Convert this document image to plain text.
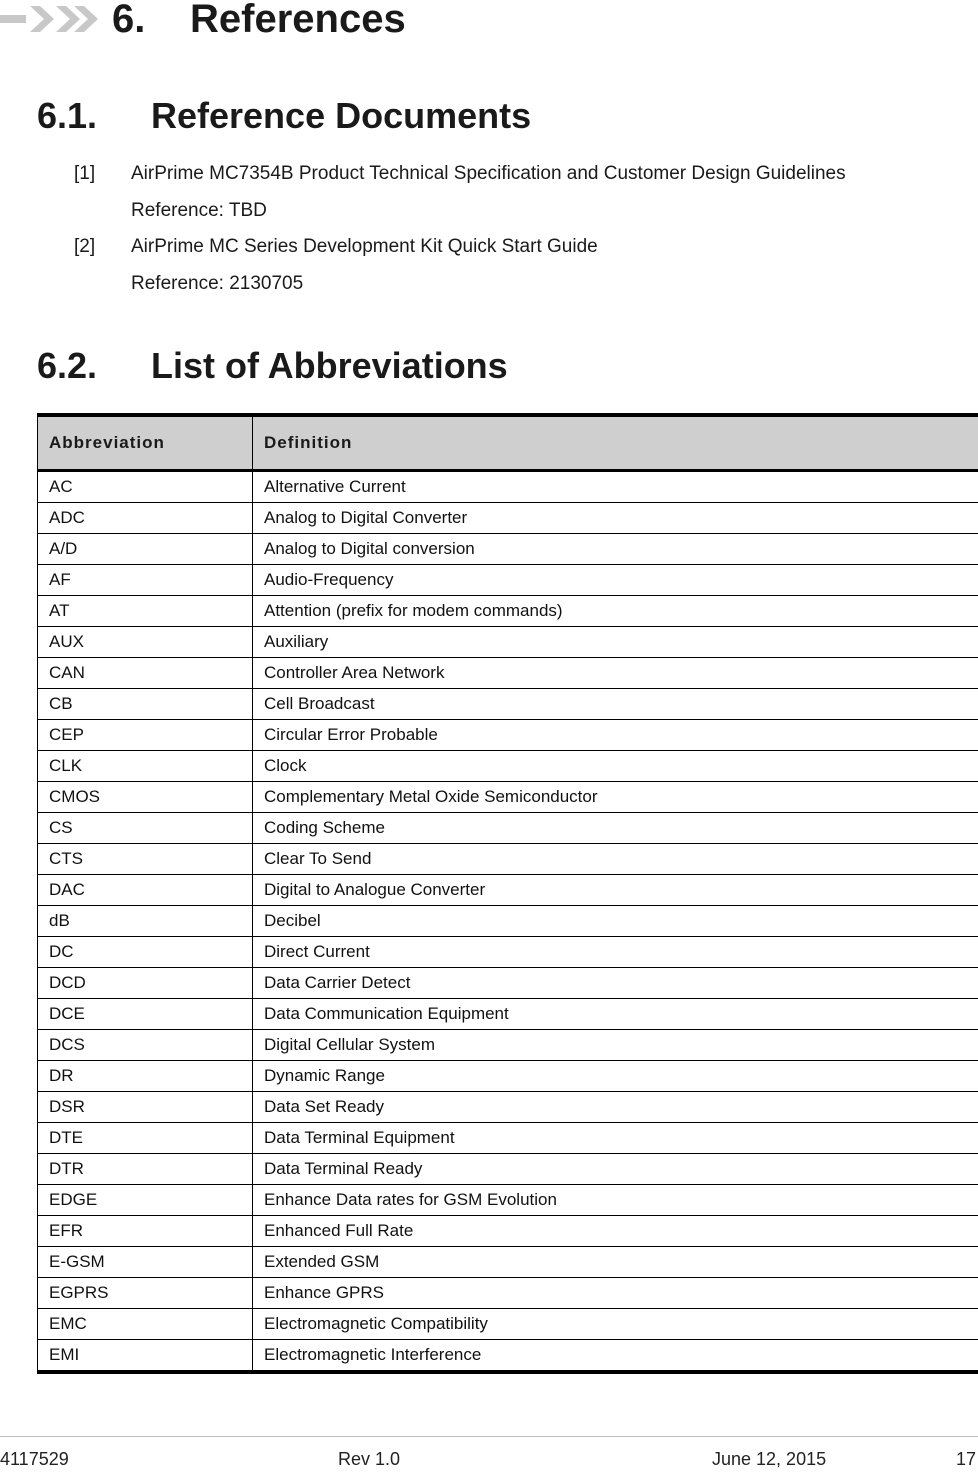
6. References
6.1. Reference Documents
[1] AirPrime MC7354B Product Technical Specification and Customer Design Guidelines
Reference: TBD
[2] AirPrime MC Series Development Kit Quick Start Guide
Reference: 2130705
6.2. List of Abbreviations
Abbreviation	Definition
AC	Alternative Current
ADC	Analog to Digital Converter
A/D	Analog to Digital conversion
AF	Audio-Frequency
AT	Attention (prefix for modem commands)
AUX	Auxiliary
CAN	Controller Area Network
CB	Cell Broadcast
CEP	Circular Error Probable
CLK	Clock
CMOS	Complementary Metal Oxide Semiconductor
CS	Coding Scheme
CTS	Clear To Send
DAC	Digital to Analogue Converter
dB	Decibel
DC	Direct Current
DCD	Data Carrier Detect
DCE	Data Communication Equipment
DCS	Digital Cellular System
DR	Dynamic Range
DSR	Data Set Ready
DTE	Data Terminal Equipment
DTR	Data Terminal Ready
EDGE	Enhance Data rates for GSM Evolution
EFR	Enhanced Full Rate
E-GSM	Extended GSM
EGPRS	Enhance GPRS
EMC	Electromagnetic Compatibility
EMI	Electromagnetic Interference
4117529	Rev 1.0	June 12, 2015	17
